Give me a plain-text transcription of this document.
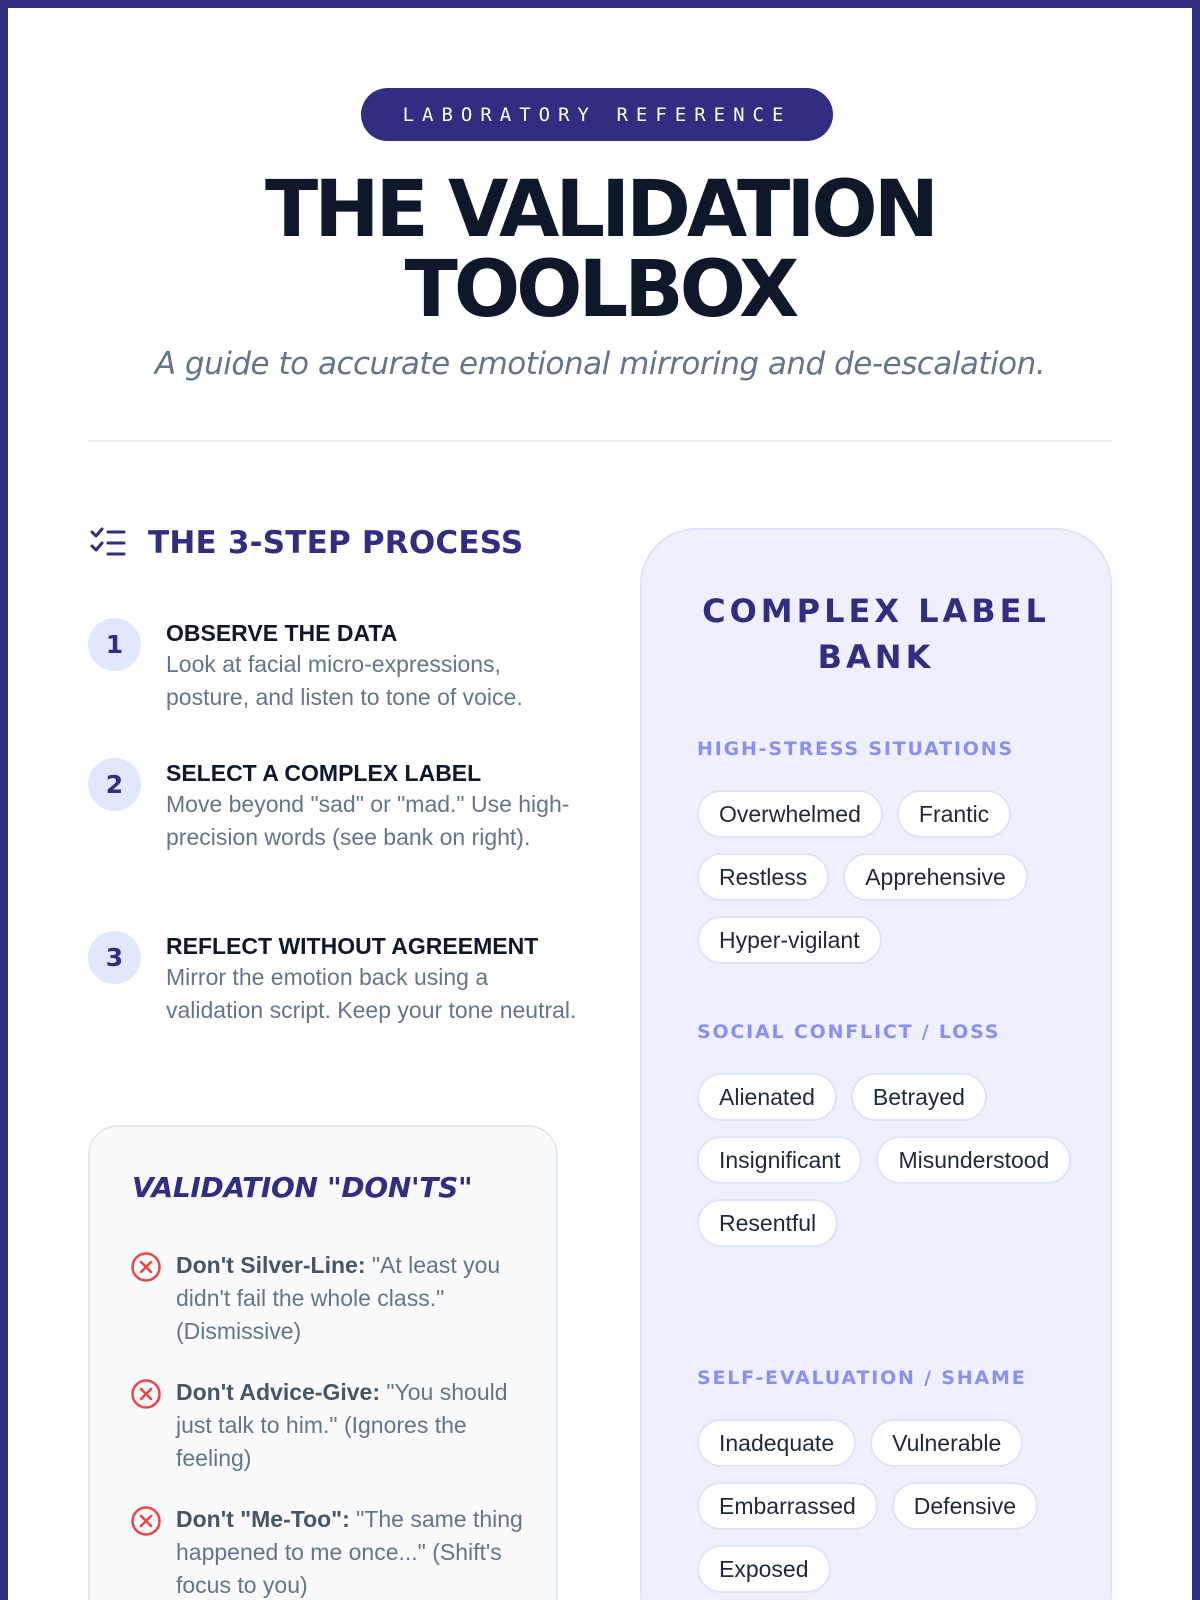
LABORATORY REFERENCE
THE VALIDATION
TOOLBOX

A guide to accurate emotional mirroring and de-escalation.

THE 3-STEP PROCESS
1	OBSERVE THE DATA
Look at facial micro-expressions, posture, and listen to tone of voice.
2	SELECT A COMPLEX LABEL
Move beyond "sad" or "mad." Use high-precision words (see bank on right).
3	REFLECT WITHOUT AGREEMENT
Mirror the emotion back using a validation script. Keep your tone neutral.
VALIDATION "DON'TS"

Don't Silver-Line: "At least you didn't fail the whole class." (Dismissive)

Don't Advice-Give: "You should just talk to him." (Ignores the feeling)

Don't "Me-Too": "The same thing happened to me once..." (Shift's focus to you)

COMPLEX LABEL BANK
HIGH-STRESS SITUATIONS
Overwhelmed	Frantic
Restless	Apprehensive
Hyper-vigilant
SOCIAL CONFLICT / LOSS
Alienated	Betrayed
Insignificant	Misunderstood
Resentful
SELF-EVALUATION / SHAME
Inadequate	Vulnerable
Embarrassed	Defensive
Exposed
